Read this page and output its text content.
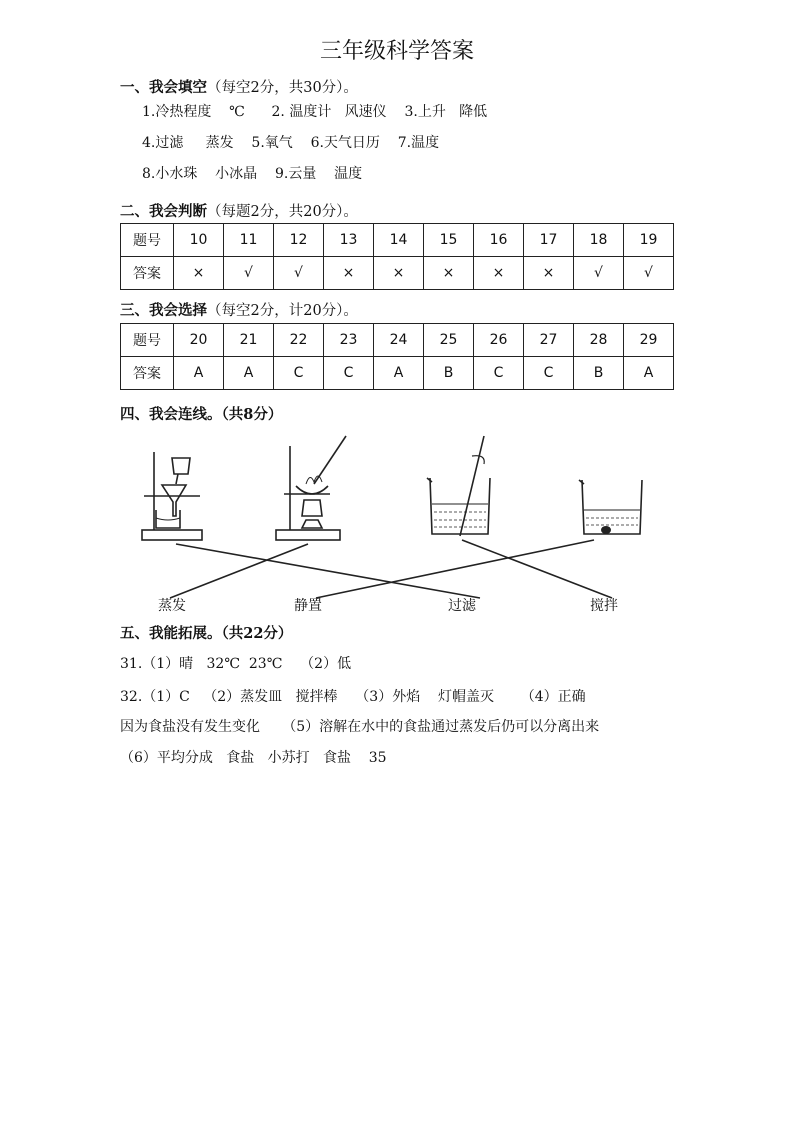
三年级科学答案
一、我会填空（每空2分，共30分）。
1.冷热程度    ℃      2. 温度计   风速仪    3.上升   降低
4.过滤     蒸发    5.氧气    6.天气日历    7.温度
8.小水珠    小冰晶    9.云量    温度
二、我会判断（每题2分，共20分）。
题号	10	11	12	13	14	15	16	17	18	19
答案	×	√	√	×	×	×	×	×	√	√
三、我会选择（每空2分，计20分）。
题号	20	21	22	23	24	25	26	27	28	29
答案	A	A	C	C	A	B	C	C	B	A
四、我会连线。（共8分）
蒸发	静置	过滤	搅拌
五、我能拓展。（共22分）
31.（1）晴   32℃  23℃    （2）低
32.（1）C   （2）蒸发皿   搅拌棒    （3）外焰    灯帽盖灭      （4）正确
因为食盐没有发生变化     （5）溶解在水中的食盐通过蒸发后仍可以分离出来
（6）平均分成   食盐   小苏打   食盐    35
